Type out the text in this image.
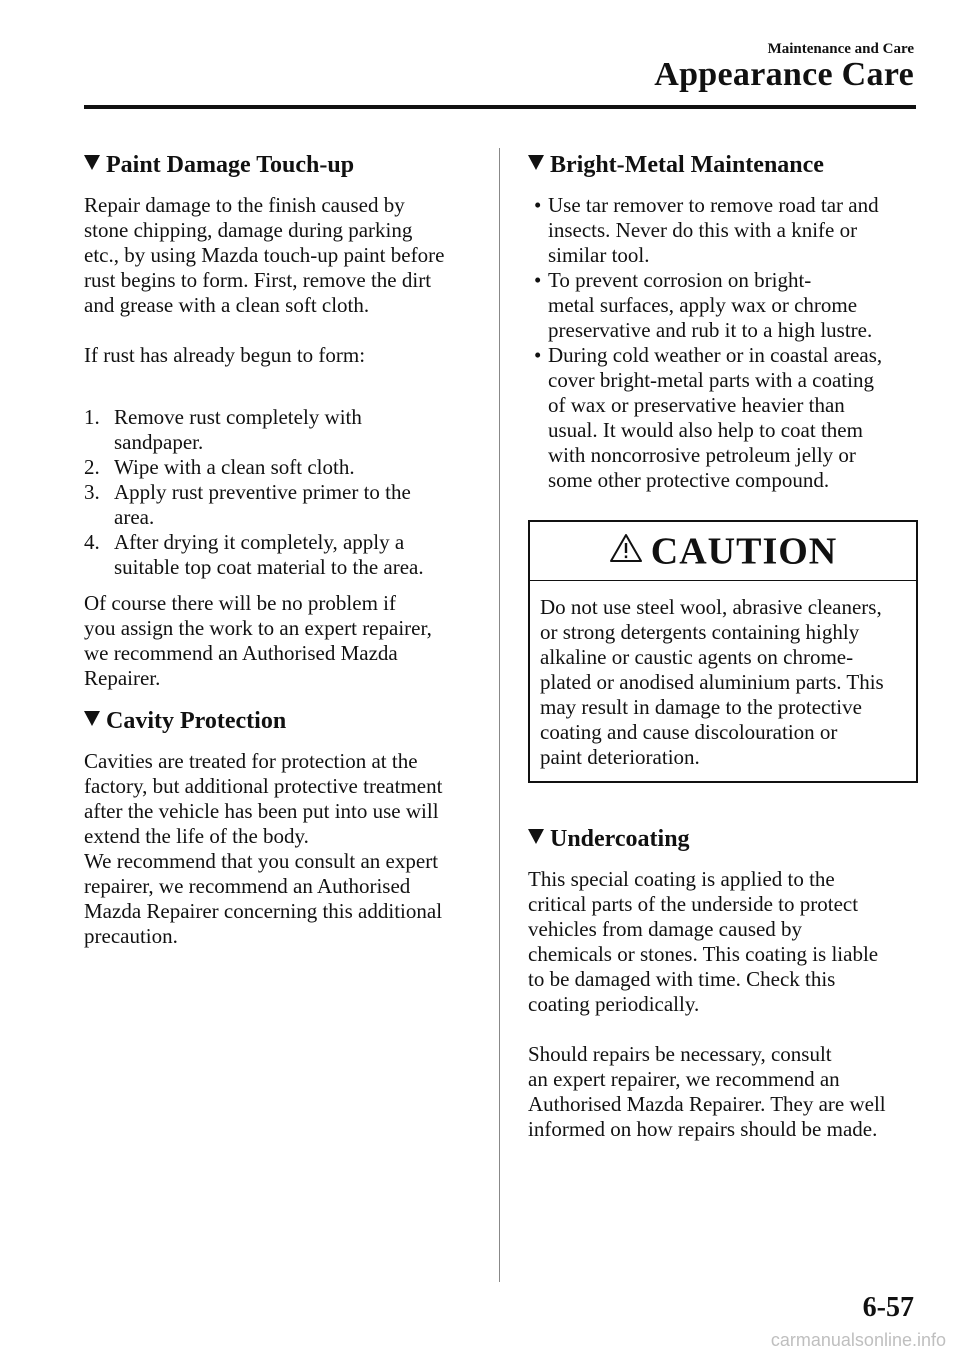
Maintenance and Care
Appearance Care
Paint Damage Touch-up

Repair damage to the finish caused by
stone chipping, damage during parking
etc., by using Mazda touch-up paint before
rust begins to form. First, remove the dirt
and grease with a clean soft cloth.

If rust has already begun to form:

1. Remove rust completely with
sandpaper.
2. Wipe with a clean soft cloth.
3. Apply rust preventive primer to the
area.
4. After drying it completely, apply a
suitable top coat material to the area.

Of course there will be no problem if
you assign the work to an expert repairer,
we recommend an Authorised Mazda
Repairer.

Cavity Protection

Cavities are treated for protection at the
factory, but additional protective treatment
after the vehicle has been put into use will
extend the life of the body.
We recommend that you consult an expert
repairer, we recommend an Authorised
Mazda Repairer concerning this additional
precaution.

Bright-Metal Maintenance
• Use tar remover to remove road tar and
insects. Never do this with a knife or
similar tool.
• To prevent corrosion on bright-
metal surfaces, apply wax or chrome
preservative and rub it to a high lustre.
• During cold weather or in coastal areas,
cover bright-metal parts with a coating
of wax or preservative heavier than
usual. It would also help to coat them
with noncorrosive petroleum jelly or
some other protective compound.
CAUTION
Do not use steel wool, abrasive cleaners,
or strong detergents containing highly
alkaline or caustic agents on chrome-
plated or anodised aluminium parts. This
may result in damage to the protective
coating and cause discolouration or
paint deterioration.
Undercoating

This special coating is applied to the
critical parts of the underside to protect
vehicles from damage caused by
chemicals or stones. This coating is liable
to be damaged with time. Check this
coating periodically.

Should repairs be necessary, consult
an expert repairer, we recommend an
Authorised Mazda Repairer. They are well
informed on how repairs should be made.

6-57
carmanualsonline.info
